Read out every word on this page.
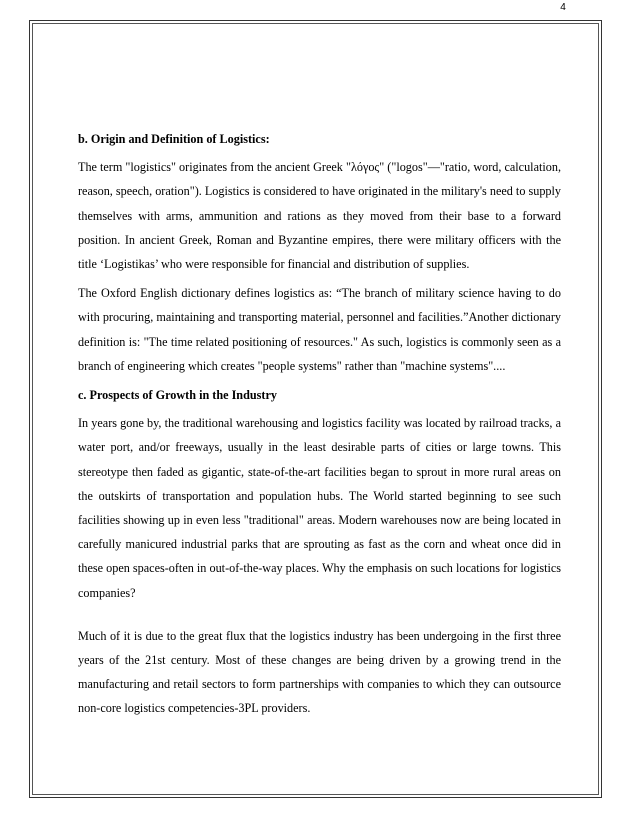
4
b. Origin and Definition of Logistics:

The term "logistics" originates from the ancient Greek "λόγος" ("logos"—"ratio, word, calculation, reason, speech, oration"). Logistics is considered to have originated in the military's need to supply themselves with arms, ammunition and rations as they moved from their base to a forward position. In ancient Greek, Roman and Byzantine empires, there were military officers with the title ‘Logistikas’ who were responsible for financial and distribution of supplies.

The Oxford English dictionary defines logistics as: “The branch of military science having to do with procuring, maintaining and transporting material, personnel and facilities.”Another dictionary definition is: "The time related positioning of resources." As such, logistics is commonly seen as a branch of engineering which creates "people systems" rather than "machine systems"....

c. Prospects of Growth in the Industry

In years gone by, the traditional warehousing and logistics facility was located by railroad tracks, a water port, and/or freeways, usually in the least desirable parts of cities or large towns. This stereotype then faded as gigantic, state-of-the-art facilities began to sprout in more rural areas on the outskirts of transportation and population hubs. The World started beginning to see such facilities showing up in even less "traditional" areas. Modern warehouses now are being located in carefully manicured industrial parks that are sprouting as fast as the corn and wheat once did in these open spaces-often in out-of-the-way places. Why the emphasis on such locations for logistics companies?

Much of it is due to the great flux that the logistics industry has been undergoing in the first three years of the 21st century. Most of these changes are being driven by a growing trend in the manufacturing and retail sectors to form partnerships with companies to which they can outsource non-core logistics competencies-3PL providers.
